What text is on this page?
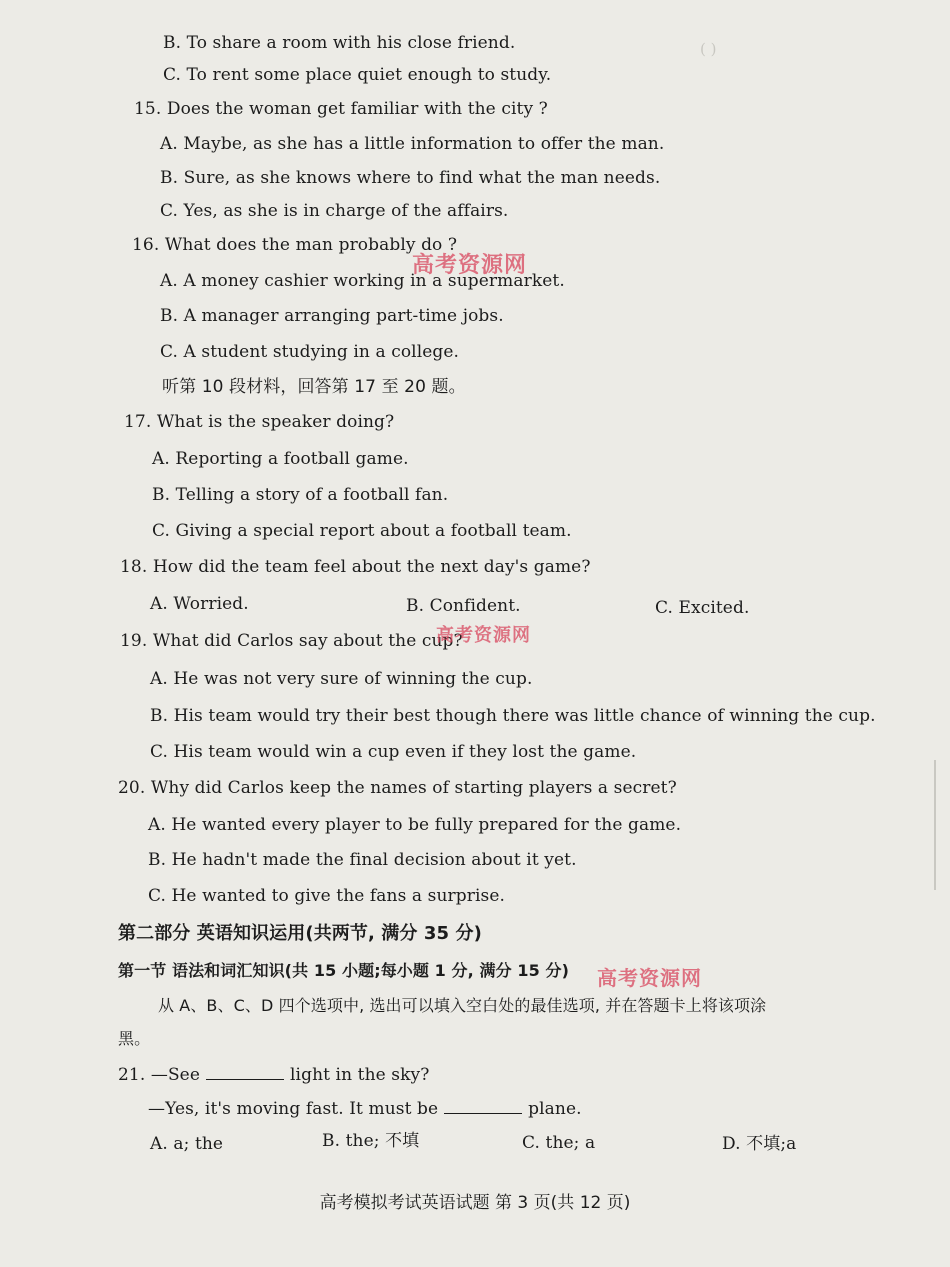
( )
B. To share a room with his close friend.
C. To rent some place quiet enough to study.
15. Does the woman get familiar with the city ?
A. Maybe, as she has a little information to offer the man.
B. Sure, as she knows where to find what the man needs.
C. Yes, as she is in charge of the affairs.
16. What does the man probably do ?
A. A money cashier working in a supermarket.
B. A manager arranging part-time jobs.
C. A student studying in a college.
听第 10 段材料，回答第 17 至 20 题。
17. What is the speaker doing?
A. Reporting a football game.
B. Telling a story of a football fan.
C. Giving a special report about a football team.
18. How did the team feel about the next day's game?
A. Worried.	B. Confident.	C. Excited.
19. What did Carlos say about the cup?
A. He was not very sure of winning the cup.
B. His team would try their best though there was little chance of winning the cup.
C. His team would win a cup even if they lost the game.
20. Why did Carlos keep the names of starting players a secret?
A. He wanted every player to be fully prepared for the game.
B. He hadn't made the final decision about it yet.
C. He wanted to give the fans a surprise.
第二部分 英语知识运用(共两节, 满分 35 分)
第一节 语法和词汇知识(共 15 小题;每小题 1 分, 满分 15 分)
从 A、B、C、D 四个选项中, 选出可以填入空白处的最佳选项, 并在答题卡上将该项涂
黑。
21. —See	light in the sky?
—Yes, it's moving fast. It must be	plane.
A. a; the	B. the; 不填	C. the; a	D. 不填;a
高考模拟考试英语试题 第 3 页(共 12 页)
高考资源网
高考资源网
高考资源网
